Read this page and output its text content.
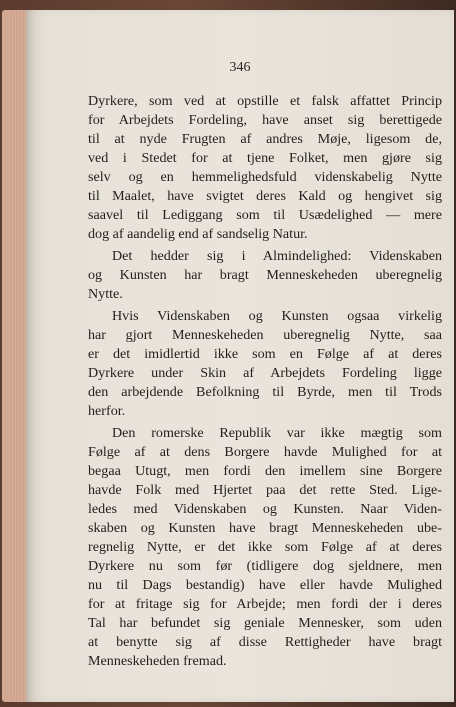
346

Dyrkere, som ved at opstille et falsk affattet Princip
for Arbejdets Fordeling, have anset sig berettigede
til at nyde Frugten af andres Møje, ligesom de,
ved i Stedet for at tjene Folket, men gjøre sig
selv og en hemmelighedsfuld videnskabelig Nytte
til Maalet, have svigtet deres Kald og hengivet sig
saavel til Lediggang som til Usædelighed — mere
dog af aandelig end af sandselig Natur.

Det hedder sig i Almindelighed: Videnskaben
og Kunsten har bragt Menneskeheden uberegnelig
Nytte.

Hvis Videnskaben og Kunsten ogsaa virkelig
har gjort Menneskeheden uberegnelig Nytte, saa
er det imidlertid ikke som en Følge af at deres
Dyrkere under Skin af Arbejdets Fordeling ligge
den arbejdende Befolkning til Byrde, men til Trods
herfor.

Den romerske Republik var ikke mægtig som
Følge af at dens Borgere havde Mulighed for at
begaa Utugt, men fordi den imellem sine Borgere
havde Folk med Hjertet paa det rette Sted. Lige-
ledes med Videnskaben og Kunsten. Naar Viden-
skaben og Kunsten have bragt Menneskeheden ube-
regnelig Nytte, er det ikke som Følge af at deres
Dyrkere nu som før (tidligere dog sjeldnere, men
nu til Dags bestandig) have eller havde Mulighed
for at fritage sig for Arbejde; men fordi der i deres
Tal har befundet sig geniale Mennesker, som uden
at benytte sig af disse Rettigheder have bragt
Menneskeheden fremad.
